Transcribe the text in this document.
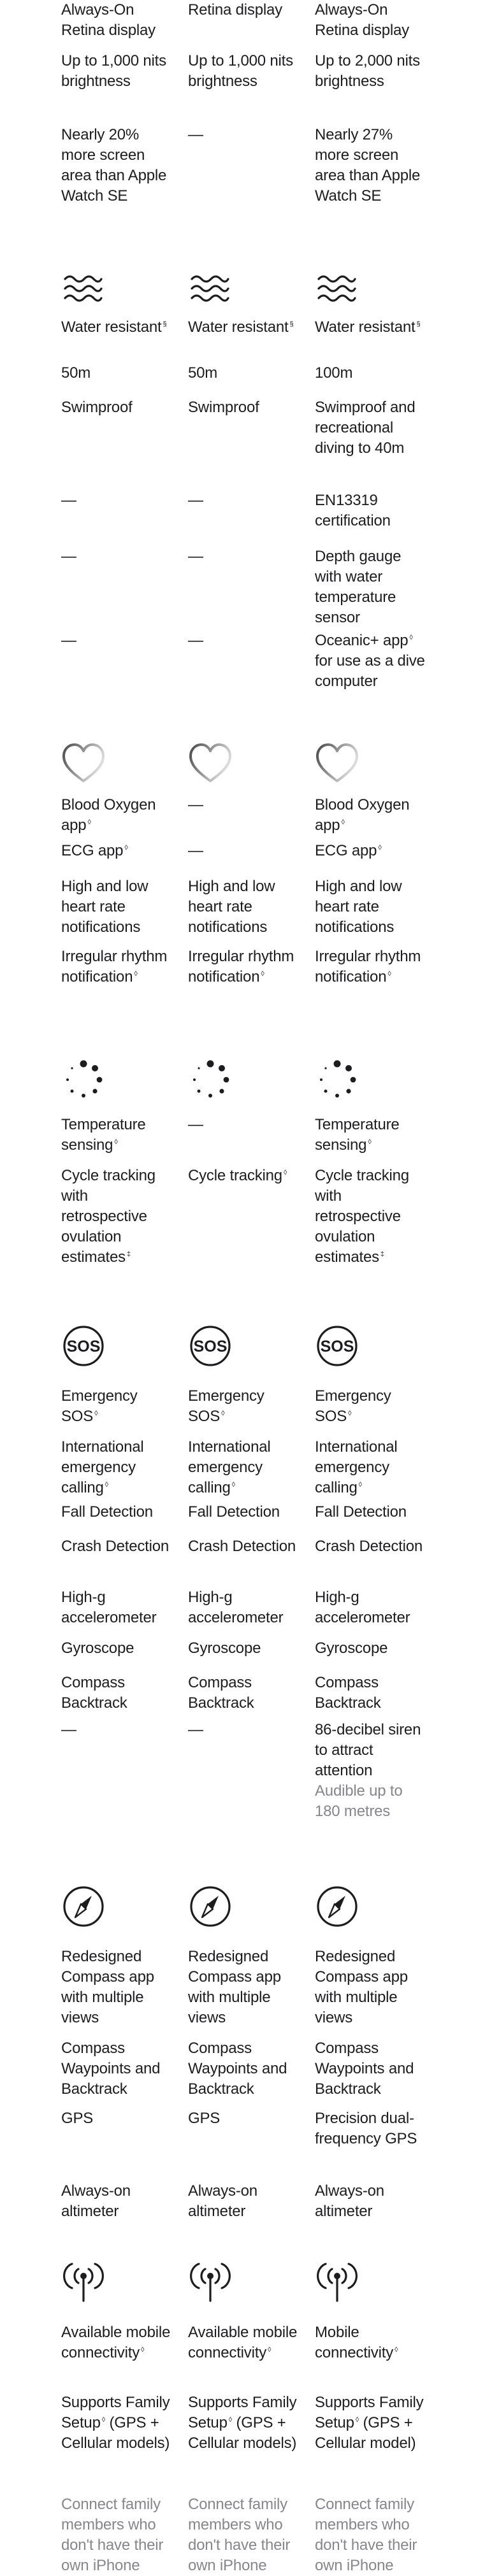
Always-On Retina display
Up to 1,000 nits brightness
Nearly 20% more screen area than Apple Watch SE
Water resistant §
50m
Swimproof
—
—
—
Blood Oxygen app ◊
ECG app ◊
High and low heart rate notifications
Irregular rhythm notification ◊
Temperature sensing ◊
Cycle tracking with retrospective ovulation estimates ‡
Emergency SOS ◊
International emergency calling ◊
Fall Detection
Crash Detection
High-g accelerometer
Gyroscope
Compass Backtrack
—
Redesigned Compass app with multiple views
Compass Waypoints and Backtrack
GPS
Always-on altimeter
Available mobile connectivity ◊
Supports Family Setup ◊ (GPS + Cellular models)
Connect family members who don't have their own iPhone
SOS
Retina display
Up to 1,000 nits brightness
—
Water resistant §
50m
Swimproof
—
—
—
—
—
High and low heart rate notifications
Irregular rhythm notification ◊
—
Cycle tracking ◊
Emergency SOS ◊
International emergency calling ◊
Fall Detection
Crash Detection
High-g accelerometer
Gyroscope
Compass Backtrack
—
Redesigned Compass app with multiple views
Compass Waypoints and Backtrack
GPS
Always-on altimeter
Available mobile connectivity ◊
Supports Family Setup ◊ (GPS + Cellular models)
Connect family members who don't have their own iPhone
SOS
Always-On Retina display
Up to 2,000 nits brightness
Nearly 27% more screen area than Apple Watch SE
Water resistant §
100m
Swimproof and recreational diving to 40m
EN13319 certification
Depth gauge with water temperature sensor
Oceanic+ app ◊ for use as a dive computer
Blood Oxygen app ◊
ECG app ◊
High and low heart rate notifications
Irregular rhythm notification ◊
Temperature sensing ◊
Cycle tracking with retrospective ovulation estimates ‡
Emergency SOS ◊
International emergency calling ◊
Fall Detection
Crash Detection
High-g accelerometer
Gyroscope
Compass Backtrack
86-decibel siren to attract attention
Audible up to 180 metres
Redesigned Compass app with multiple views
Compass Waypoints and Backtrack
Precision dual-frequency GPS
Always-on altimeter
Mobile connectivity ◊
Supports Family Setup ◊ (GPS + Cellular model)
Connect family members who don't have their own iPhone
SOS
